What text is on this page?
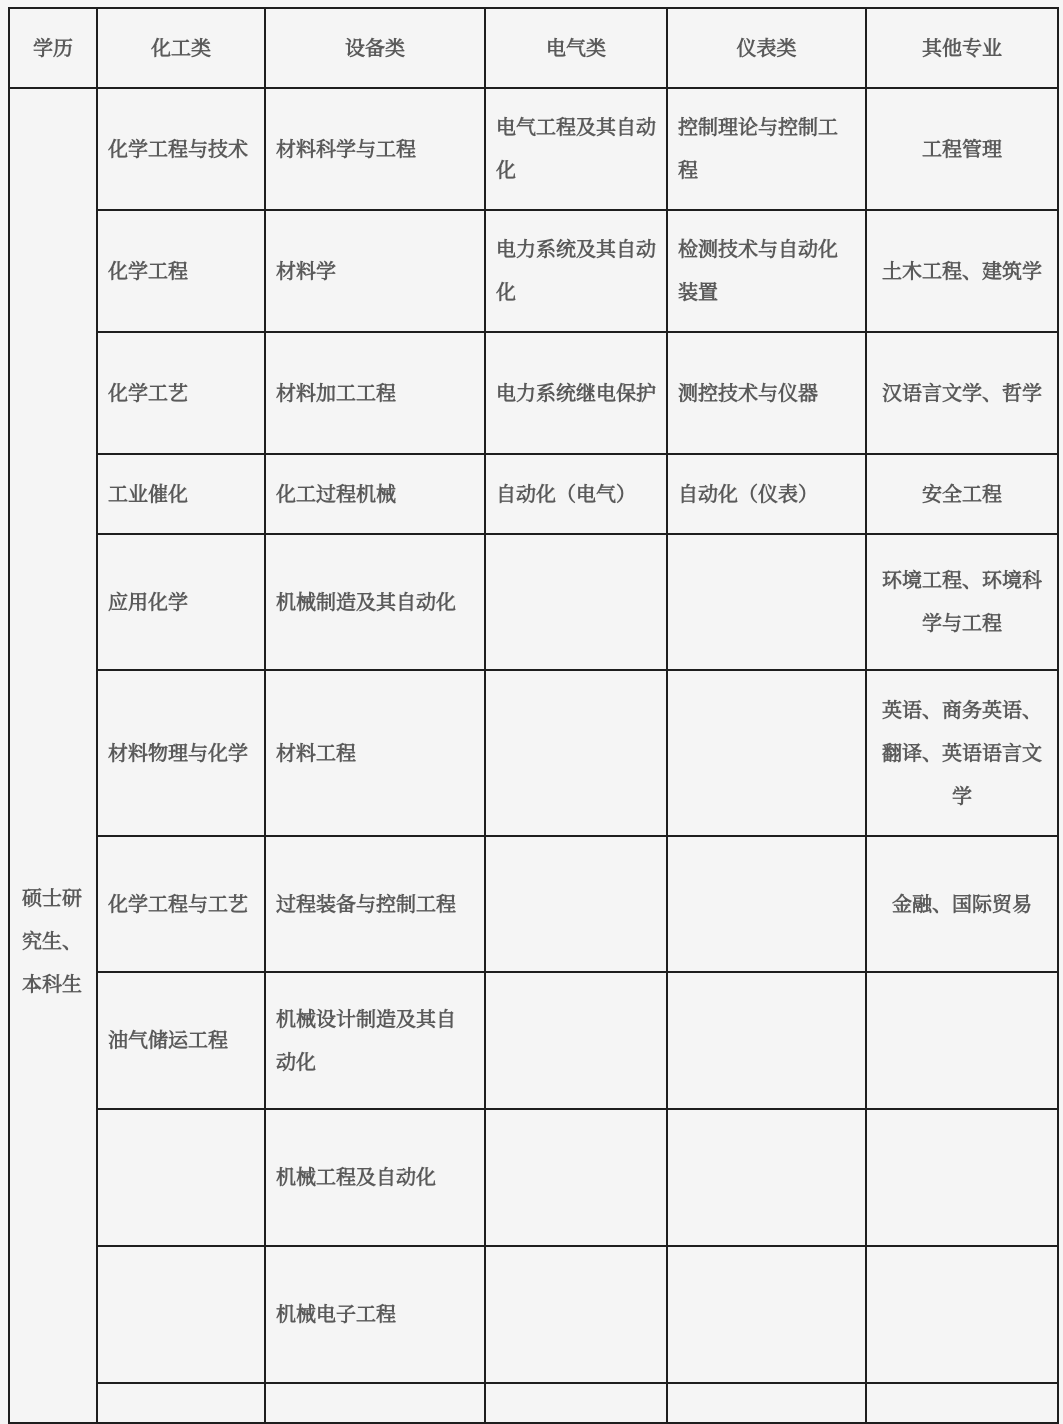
学历	化工类	设备类	电气类	仪表类	其他专业
硕士研究生、本科生	化学工程与技术	材料科学与工程	电气工程及其自动化	控制理论与控制工程	工程管理
	化学工程	材料学	电力系统及其自动化	检测技术与自动化装置	土木工程、建筑学
	化学工艺	材料加工工程	电力系统继电保护	测控技术与仪器	汉语言文学、哲学
	工业催化	化工过程机械	自动化（电气）	自动化（仪表）	安全工程
	应用化学	机械制造及其自动化			环境工程、环境科学与工程
	材料物理与化学	材料工程			英语、商务英语、翻译、英语语言文学
	化学工程与工艺	过程装备与控制工程			金融、国际贸易
	油气储运工程	机械设计制造及其自动化			
		机械工程及自动化			
		机械电子工程			
